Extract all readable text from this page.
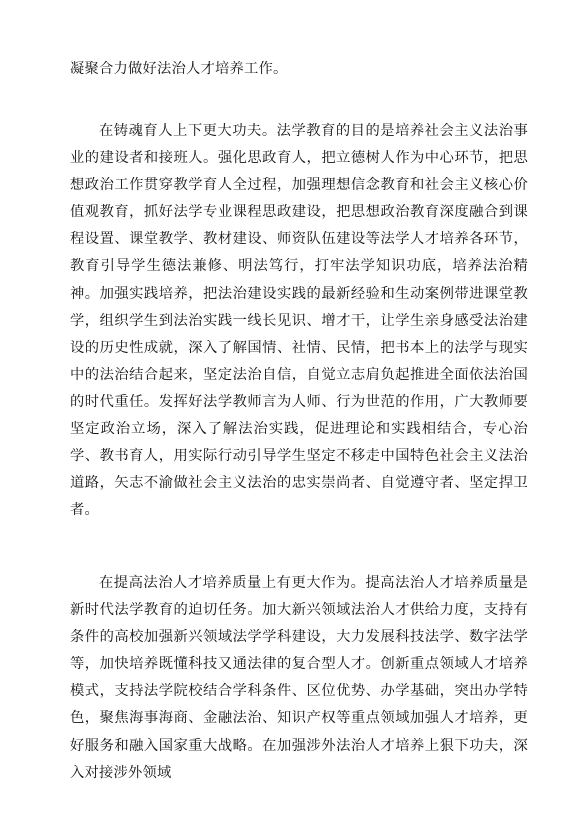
凝聚合力做好法治人才培养工作。

在铸魂育人上下更大功夫。法学教育的目的是培养社会主义法治事业的建设者和接班人。强化思政育人，把立德树人作为中心环节，把思想政治工作贯穿教学育人全过程，加强理想信念教育和社会主义核心价值观教育，抓好法学专业课程思政建设，把思想政治教育深度融合到课程设置、课堂教学、教材建设、师资队伍建设等法学人才培养各环节，教育引导学生德法兼修、明法笃行，打牢法学知识功底，培养法治精神。加强实践培养，把法治建设实践的最新经验和生动案例带进课堂教学，组织学生到法治实践一线长见识、增才干，让学生亲身感受法治建设的历史性成就，深入了解国情、社情、民情，把书本上的法学与现实中的法治结合起来，坚定法治自信，自觉立志肩负起推进全面依法治国的时代重任。发挥好法学教师言为人师、行为世范的作用，广大教师要坚定政治立场，深入了解法治实践，促进理论和实践相结合，专心治学、教书育人，用实际行动引导学生坚定不移走中国特色社会主义法治道路，矢志不渝做社会主义法治的忠实崇尚者、自觉遵守者、坚定捍卫者。

在提高法治人才培养质量上有更大作为。提高法治人才培养质量是新时代法学教育的迫切任务。加大新兴领域法治人才供给力度，支持有条件的高校加强新兴领域法学学科建设，大力发展科技法学、数字法学等，加快培养既懂科技又通法律的复合型人才。创新重点领域人才培养模式，支持法学院校结合学科条件、区位优势、办学基础，突出办学特色，聚焦海事海商、金融法治、知识产权等重点领域加强人才培养，更好服务和融入国家重大战略。在加强涉外法治人才培养上狠下功夫，深入对接涉外领域
